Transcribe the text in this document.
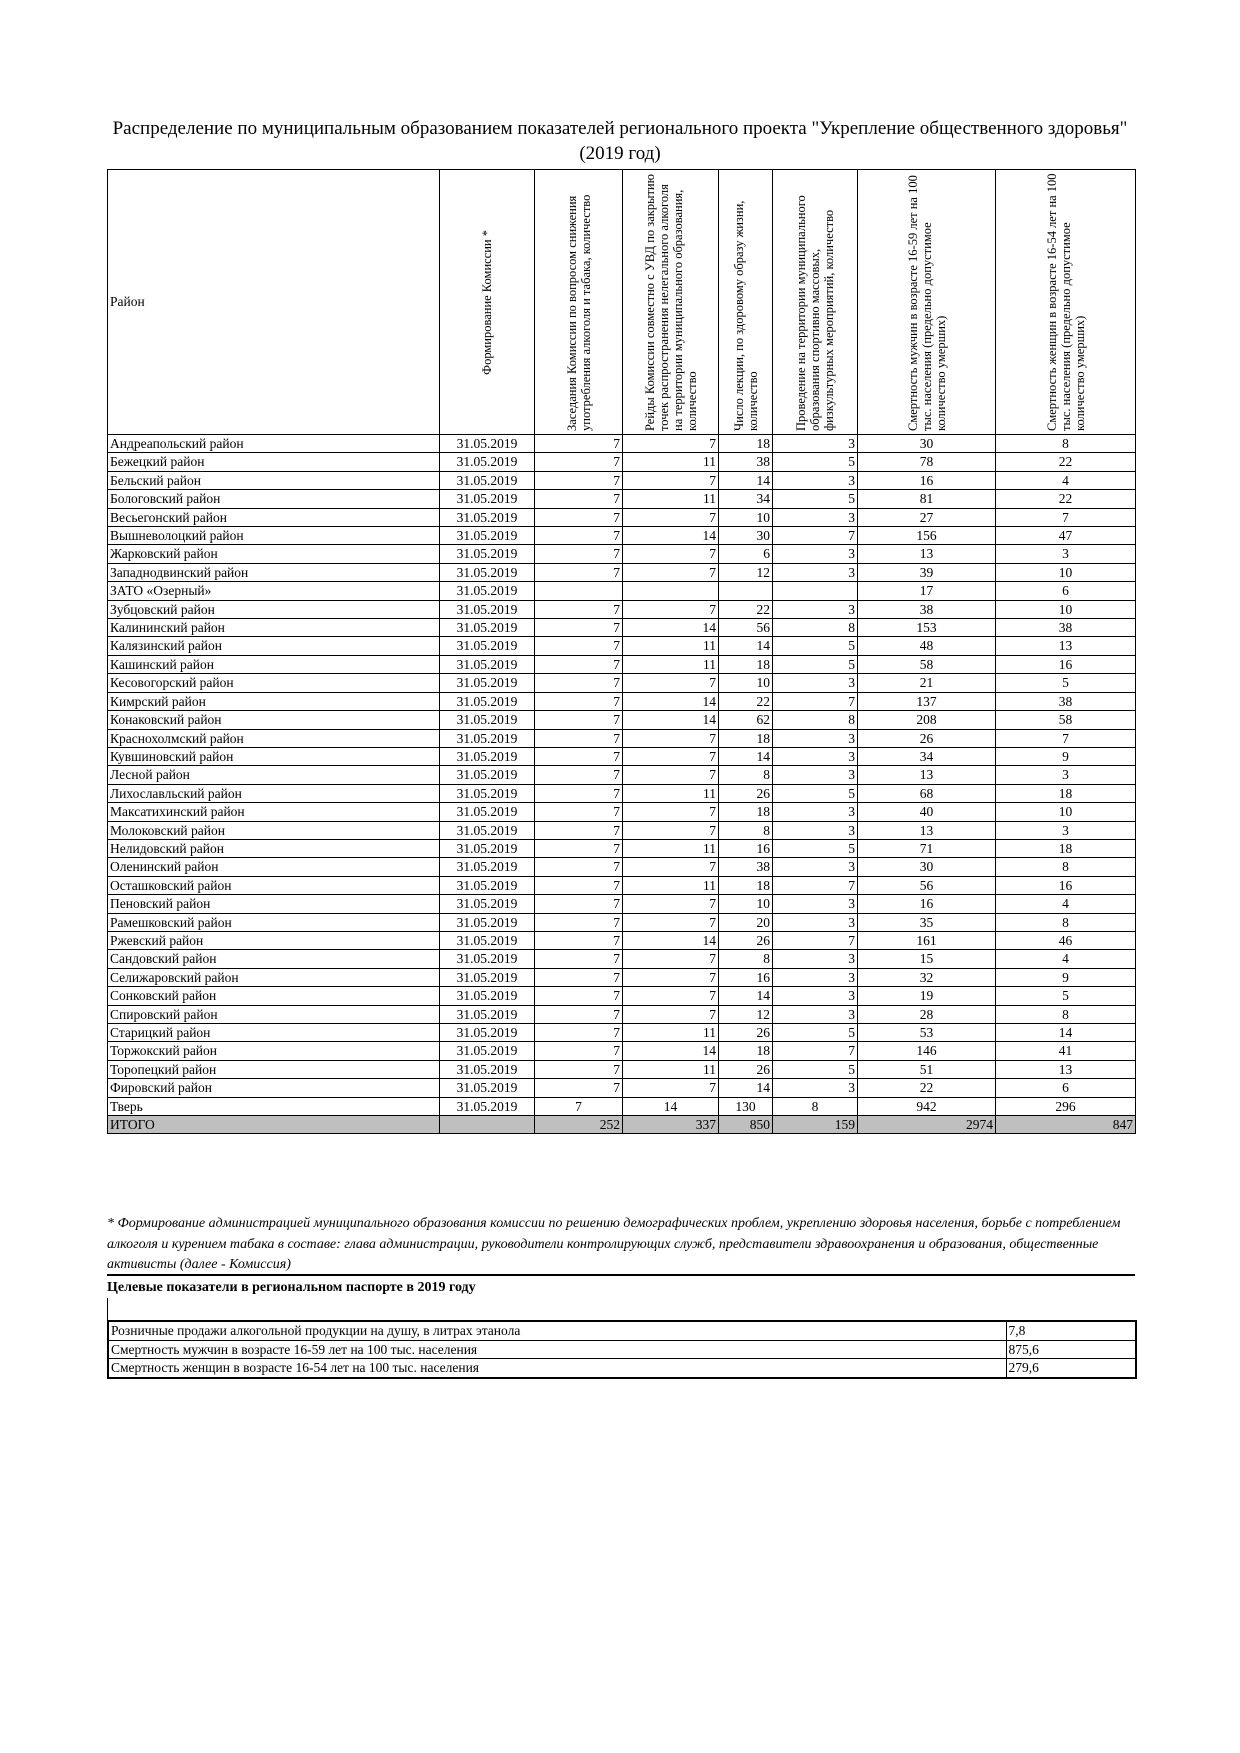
Распределение по муниципальным образованием показателей регионального проекта "Укрепление общественного здоровья" (2019 год)
Район	Формирование Комиссии *	Заседания Комиссии по вопросом снижения употребления алкоголя и табака, количество	Рейды Комиссии совместно с УВД по закрытию точек распространения нелегального алкоголя на территории муниципального образования, количество	Число лекции, по здоровому образу жизни, количество	Проведение на территории муниципального образования спортивно массовых, физкультурных мероприятий, количество	Смертность мужчин в возрасте 16-59 лет на 100 тыс. населения (предельно допустимое количество умерших)	Смертность женщин в возрасте 16-54 лет на 100 тыс. населения (предельно допустимое количество умерших)

Андреапольский район	31.05.2019	7	7	18	3	30	8
Бежецкий район	31.05.2019	7	11	38	5	78	22
Бельский район	31.05.2019	7	7	14	3	16	4
Бологовский район	31.05.2019	7	11	34	5	81	22
Весьегонский район	31.05.2019	7	7	10	3	27	7
Вышневолоцкий район	31.05.2019	7	14	30	7	156	47
Жарковский район	31.05.2019	7	7	6	3	13	3
Западнодвинский район	31.05.2019	7	7	12	3	39	10
ЗАТО «Озерный»	31.05.2019					17	6
Зубцовский район	31.05.2019	7	7	22	3	38	10
Калининский район	31.05.2019	7	14	56	8	153	38
Калязинский район	31.05.2019	7	11	14	5	48	13
Кашинский район	31.05.2019	7	11	18	5	58	16
Кесовогорский район	31.05.2019	7	7	10	3	21	5
Кимрский район	31.05.2019	7	14	22	7	137	38
Конаковский район	31.05.2019	7	14	62	8	208	58
Краснохолмский район	31.05.2019	7	7	18	3	26	7
Кувшиновский район	31.05.2019	7	7	14	3	34	9
Лесной район	31.05.2019	7	7	8	3	13	3
Лихославльский район	31.05.2019	7	11	26	5	68	18
Максатихинский район	31.05.2019	7	7	18	3	40	10
Молоковский район	31.05.2019	7	7	8	3	13	3
Нелидовский район	31.05.2019	7	11	16	5	71	18
Оленинский район	31.05.2019	7	7	38	3	30	8
Осташковский район	31.05.2019	7	11	18	7	56	16
Пеновский район	31.05.2019	7	7	10	3	16	4
Рамешковский район	31.05.2019	7	7	20	3	35	8
Ржевский район	31.05.2019	7	14	26	7	161	46
Сандовский район	31.05.2019	7	7	8	3	15	4
Селижаровский район	31.05.2019	7	7	16	3	32	9
Сонковский район	31.05.2019	7	7	14	3	19	5
Спировский район	31.05.2019	7	7	12	3	28	8
Старицкий район	31.05.2019	7	11	26	5	53	14
Торжокский район	31.05.2019	7	14	18	7	146	41
Торопецкий район	31.05.2019	7	11	26	5	51	13
Фировский район	31.05.2019	7	7	14	3	22	6
Тверь	31.05.2019	7	14	130	8	942	296
ИТОГО		252	337	850	159	2974	847
* Формирование администрацией муниципального образования комиссии по решению демографических проблем, укреплению здоровья населения, борьбе с потреблением алкоголя и курением табака в составе: глава администрации, руководители контролирующих служб, представители здравоохранения и образования, общественные активисты (далее - Комиссия)
Целевые показатели в региональном паспорте в 2019 году
Розничные продажи алкогольной продукции на душу, в литрах этанола	7,8
Смертность мужчин в возрасте 16-59 лет на 100 тыс. населения	875,6
Смертность женщин в возрасте 16-54 лет на 100 тыс. населения	279,6
